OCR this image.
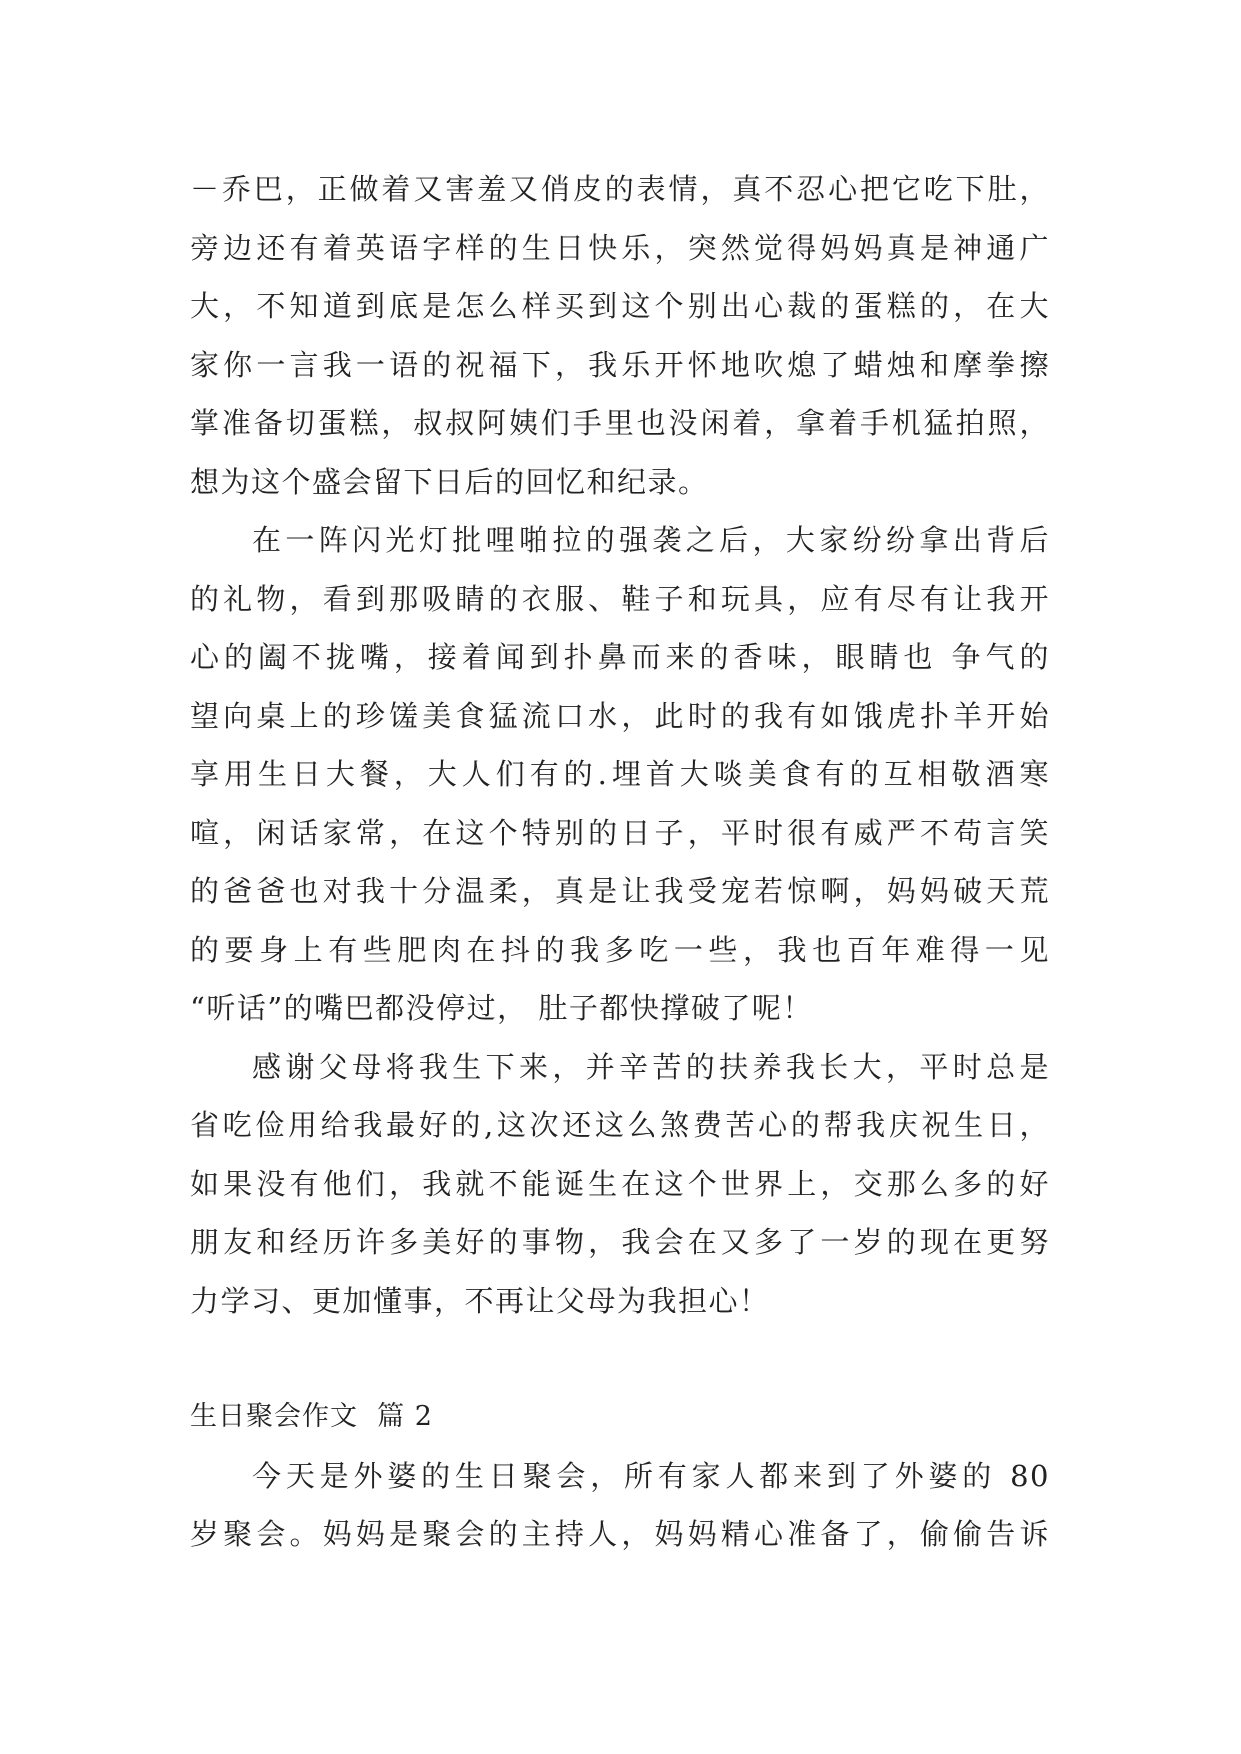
－乔巴，正做着又害羞又俏皮的表情，真不忍心把它吃下肚，
旁边还有着英语字样的生日快乐，突然觉得妈妈真是神通广
大，不知道到底是怎么样买到这个别出心裁的蛋糕的，在大
家你一言我一语的祝福下，我乐开怀地吹熄了蜡烛和摩拳擦
掌准备切蛋糕，叔叔阿姨们手里也没闲着，拿着手机猛拍照，
想为这个盛会留下日后的回忆和纪录。
在一阵闪光灯批哩啪拉的强袭之后，大家纷纷拿出背后
的礼物，看到那吸睛的衣服、鞋子和玩具，应有尽有让我开
心的阖不拢嘴，接着闻到扑鼻而来的香味，眼睛也 争气的
望向桌上的珍馐美食猛流口水，此时的我有如饿虎扑羊开始
享用生日大餐，大人们有的.埋首大啖美食有的互相敬酒寒
喧，闲话家常，在这个特别的日子，平时很有威严不苟言笑
的爸爸也对我十分温柔，真是让我受宠若惊啊，妈妈破天荒
的要身上有些肥肉在抖的我多吃一些，我也百年难得一见
“听话”的嘴巴都没停过， 肚子都快撑破了呢！
感谢父母将我生下来，并辛苦的扶养我长大，平时总是
省吃俭用给我最好的,这次还这么煞费苦心的帮我庆祝生日，
如果没有他们，我就不能诞生在这个世界上，交那么多的好
朋友和经历许多美好的事物，我会在又多了一岁的现在更努
力学习、更加懂事，不再让父母为我担心！
生日聚会作文  篇 2
今天是外婆的生日聚会，所有家人都来到了外婆的 80
岁聚会。妈妈是聚会的主持人，妈妈精心准备了，偷偷告诉
